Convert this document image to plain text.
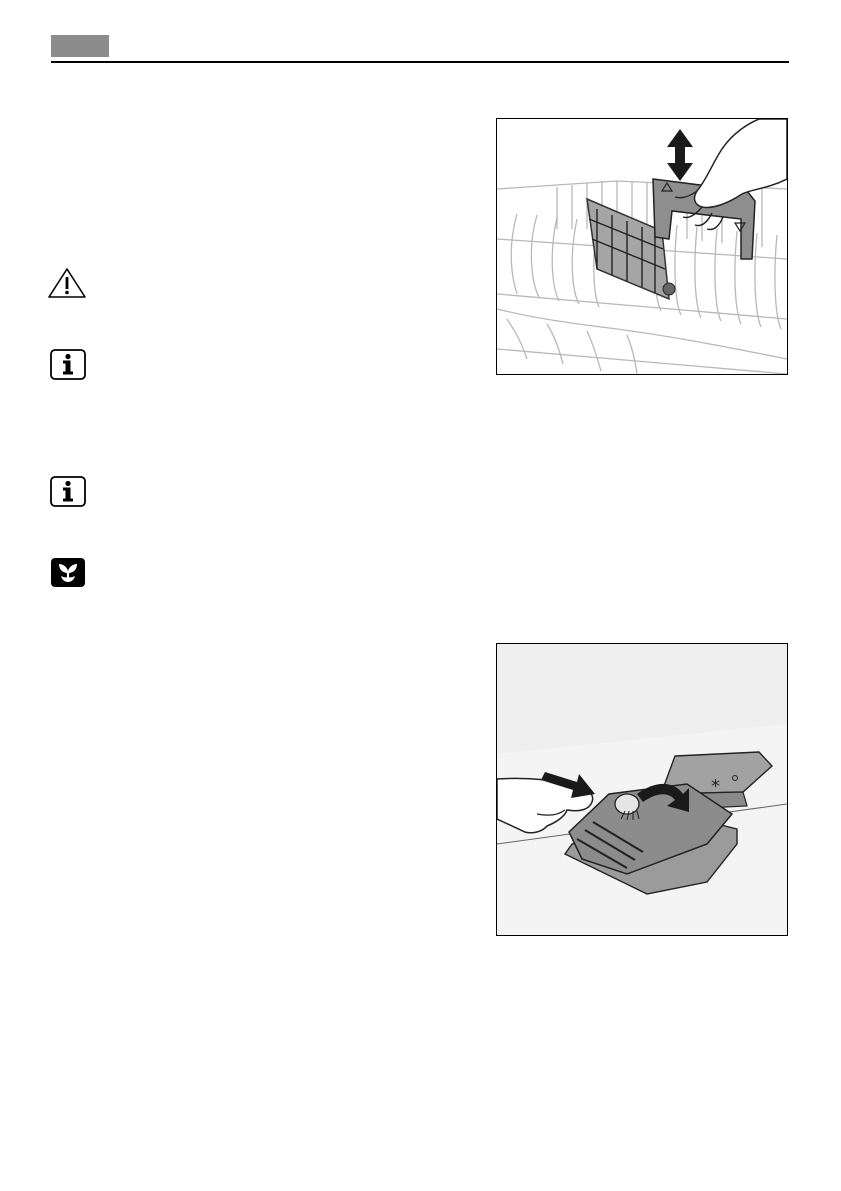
*
